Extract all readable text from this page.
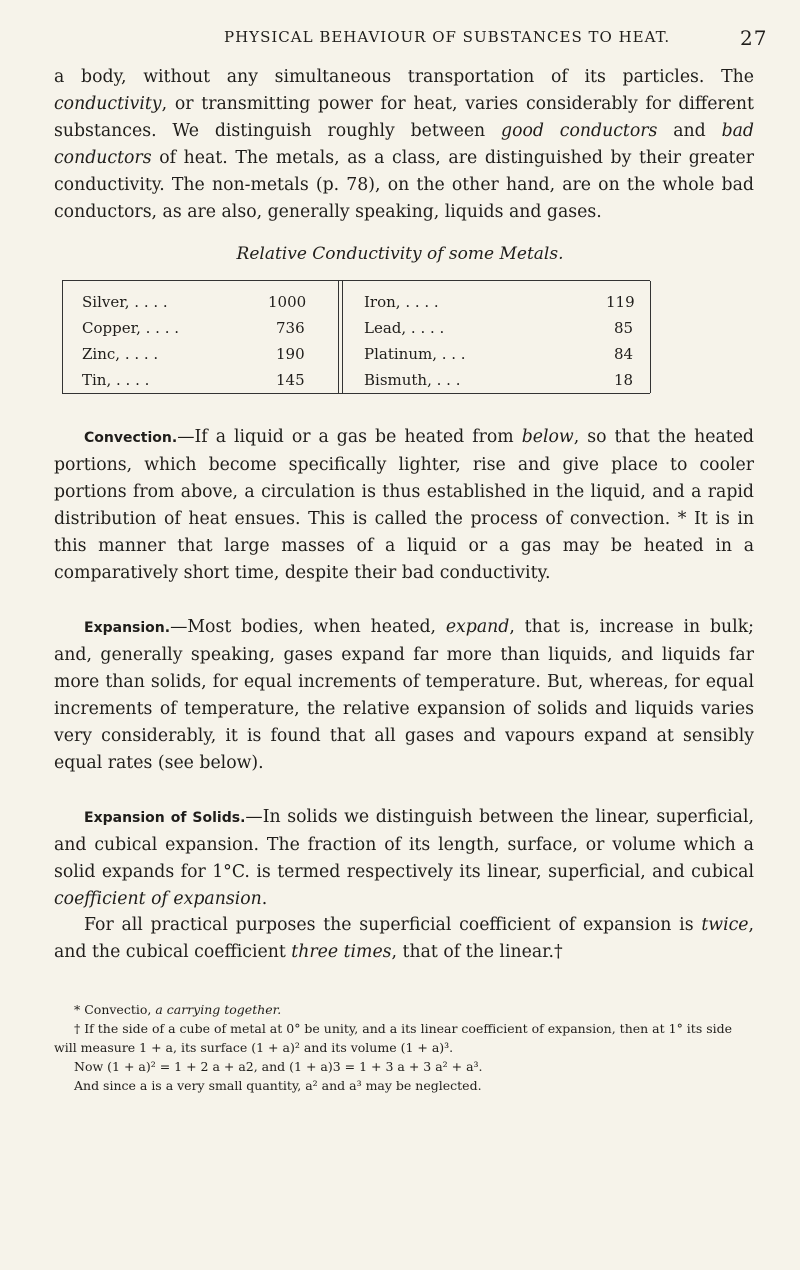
PHYSICAL BEHAVIOUR OF SUBSTANCES TO HEAT.	27

a body, without any simultaneous transportation of its particles. The conductivity, or transmitting power for heat, varies considerably for different substances. We distinguish roughly between good conductors and bad conductors of heat. The metals, as a class, are distinguished by their greater conductivity. The non-metals (p. 78), on the other hand, are on the whole bad conductors, as are also, generally speaking, liquids and gases.

Relative Conductivity of some Metals.
Silver, . . . .	1000	Iron, . . . .	119
Copper, . . . .	736	Lead, . . . .	85
Zinc, . . . .	190	Platinum, . . .	84
Tin, . . . .	145	Bismuth, . . .	18
Convection.—If a liquid or a gas be heated from below, so that the heated portions, which become specifically lighter, rise and give place to cooler portions from above, a circulation is thus established in the liquid, and a rapid distribution of heat ensues. This is called the process of convection. * It is in this manner that large masses of a liquid or a gas may be heated in a comparatively short time, despite their bad conductivity.
Expansion.—Most bodies, when heated, expand, that is, increase in bulk; and, generally speaking, gases expand far more than liquids, and liquids far more than solids, for equal increments of temperature. But, whereas, for equal increments of temperature, the relative expansion of solids and liquids varies very considerably, it is found that all gases and vapours expand at sensibly equal rates (see below).
Expansion of Solids.—In solids we distinguish between the linear, superficial, and cubical expansion. The fraction of its length, surface, or volume which a solid expands for 1°C. is termed respectively its linear, superficial, and cubical coefficient of expansion.
For all practical purposes the superficial coefficient of expansion is twice, and the cubical coefficient three times, that of the linear.†

* Convectio, a carrying together.

† If the side of a cube of metal at 0° be unity, and a its linear coefficient of expansion, then at 1° its side will measure 1 + a, its surface (1 + a)² and its volume (1 + a)³.

Now (1 + a)² = 1 + 2 a + a2, and (1 + a)3 = 1 + 3 a + 3 a² + a³.

And since a is a very small quantity, a² and a³ may be neglected.
